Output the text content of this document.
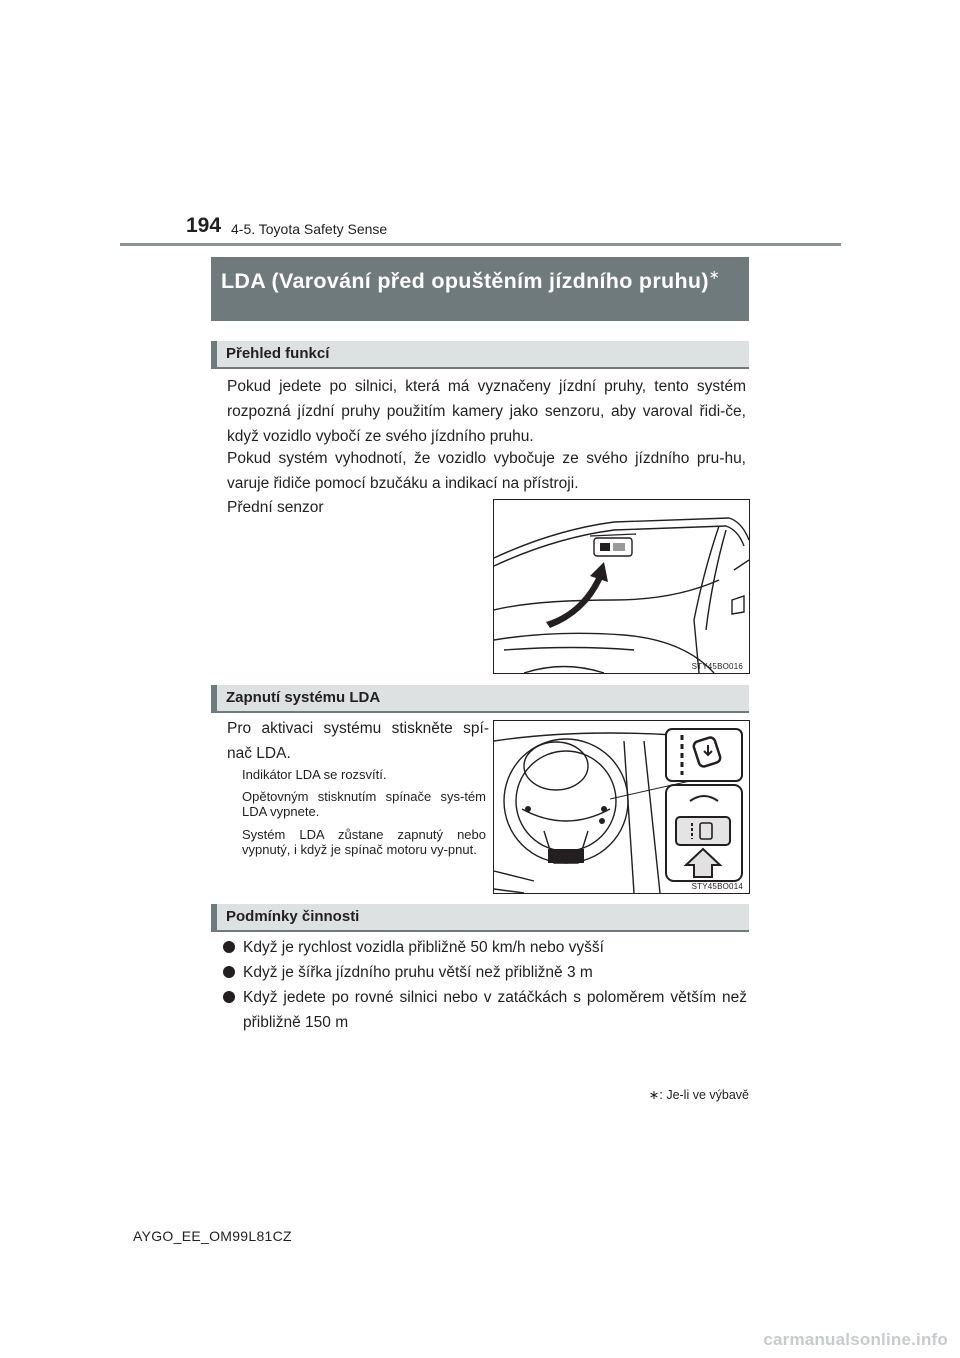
194 4-5. Toyota Safety Sense
LDA (Varování před opuštěním jízdního pruhu)∗
Přehled funkcí
Pokud jedete po silnici, která má vyznačeny jízdní pruhy, tento systém rozpozná jízdní pruhy použitím kamery jako senzoru, aby varoval řidi-če, když vozidlo vybočí ze svého jízdního pruhu.
Pokud systém vyhodnotí, že vozidlo vybočuje ze svého jízdního pru-hu, varuje řidiče pomocí bzučáku a indikací na přístroji.
Přední senzor
STY45BO016
Zapnutí systému LDA
Pro aktivaci systému stiskněte spí-nač LDA.
Indikátor LDA se rozsvítí.
Opětovným stisknutím spínače sys-tém LDA vypnete.
Systém LDA zůstane zapnutý nebo vypnutý, i když je spínač motoru vy-pnut.
STY45BO014
Podmínky činnosti
Když je rychlost vozidla přibližně 50 km/h nebo vyšší
Když je šířka jízdního pruhu větší než přibližně 3 m
Když jedete po rovné silnici nebo v zatáčkách s poloměrem větším než přibližně 150 m
∗: Je-li ve výbavě
AYGO_EE_OM99L81CZ
carmanualsonline.info
